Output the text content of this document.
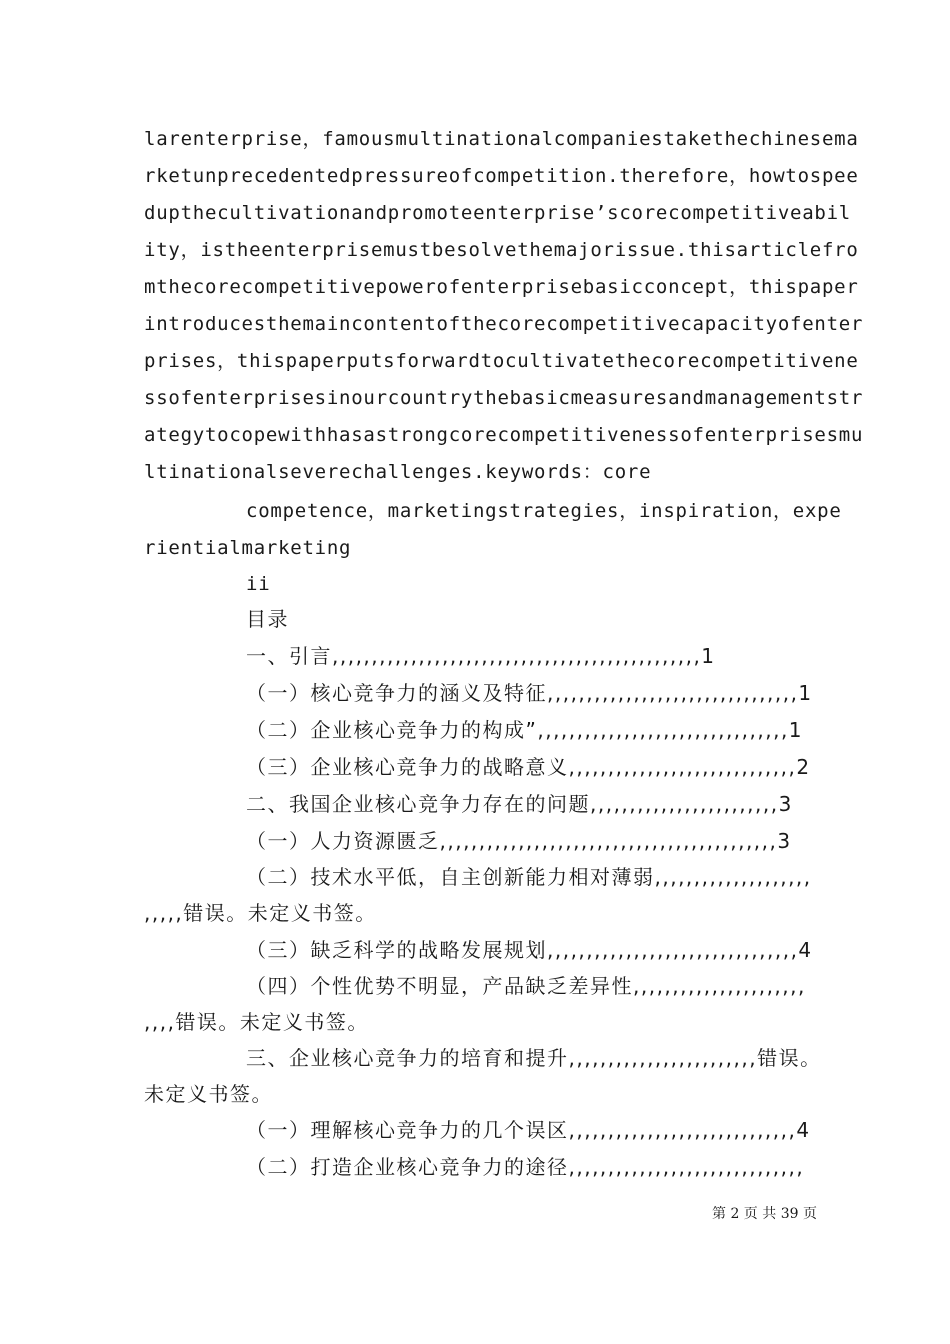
larenterprise，famousmultinationalcompaniestakethechinesema
rketunprecedentedpressureofcompetition.therefore，howtospee
dupthecultivationandpromoteenterprise’scorecompetitiveabil
ity，istheenterprisemustbesolvethemajorissue.thisarticlefro
mthecorecompetitivepowerofenterprisebasicconcept，thispaper
introducesthemaincontentofthecorecompetitivecapacityofenter
prises，thispaperputsforwardtocultivatethecorecompetitivene
ssofenterprisesinourcountrythebasicmeasuresandmanagementstr
ategytocopewithhasastrongcorecompetitivenessofenterprisesmu
ltinationalseverechallenges.keywords：core
competence，marketingstrategies，inspiration，expe
rientialmarketing
ii
目录
一、引言,,,,,,,,,,,,,,,,,,,,,,,,,,,,,,,,,,,,,,,,,,,,,,,1
（一）核心竞争力的涵义及特征,,,,,,,,,,,,,,,,,,,,,,,,,,,,,,,,1
（二）企业核心竞争力的构成”,,,,,,,,,,,,,,,,,,,,,,,,,,,,,,,,1
（三）企业核心竞争力的战略意义,,,,,,,,,,,,,,,,,,,,,,,,,,,,,2
二、我国企业核心竞争力存在的问题,,,,,,,,,,,,,,,,,,,,,,,,3
（一）人力资源匮乏,,,,,,,,,,,,,,,,,,,,,,,,,,,,,,,,,,,,,,,,,,,3
（二）技术水平低，自主创新能力相对薄弱,,,,,,,,,,,,,,,,,,,,
,,,,,错误。未定义书签。
（三）缺乏科学的战略发展规划,,,,,,,,,,,,,,,,,,,,,,,,,,,,,,,,4
（四）个性优势不明显，产品缺乏差异性,,,,,,,,,,,,,,,,,,,,,,
,,,,错误。未定义书签。
三、企业核心竞争力的培育和提升,,,,,,,,,,,,,,,,,,,,,,,,错误。
未定义书签。
（一）理解核心竞争力的几个误区,,,,,,,,,,,,,,,,,,,,,,,,,,,,,4
（二）打造企业核心竞争力的途径,,,,,,,,,,,,,,,,,,,,,,,,,,,,,,
第 2 页 共 39 页
